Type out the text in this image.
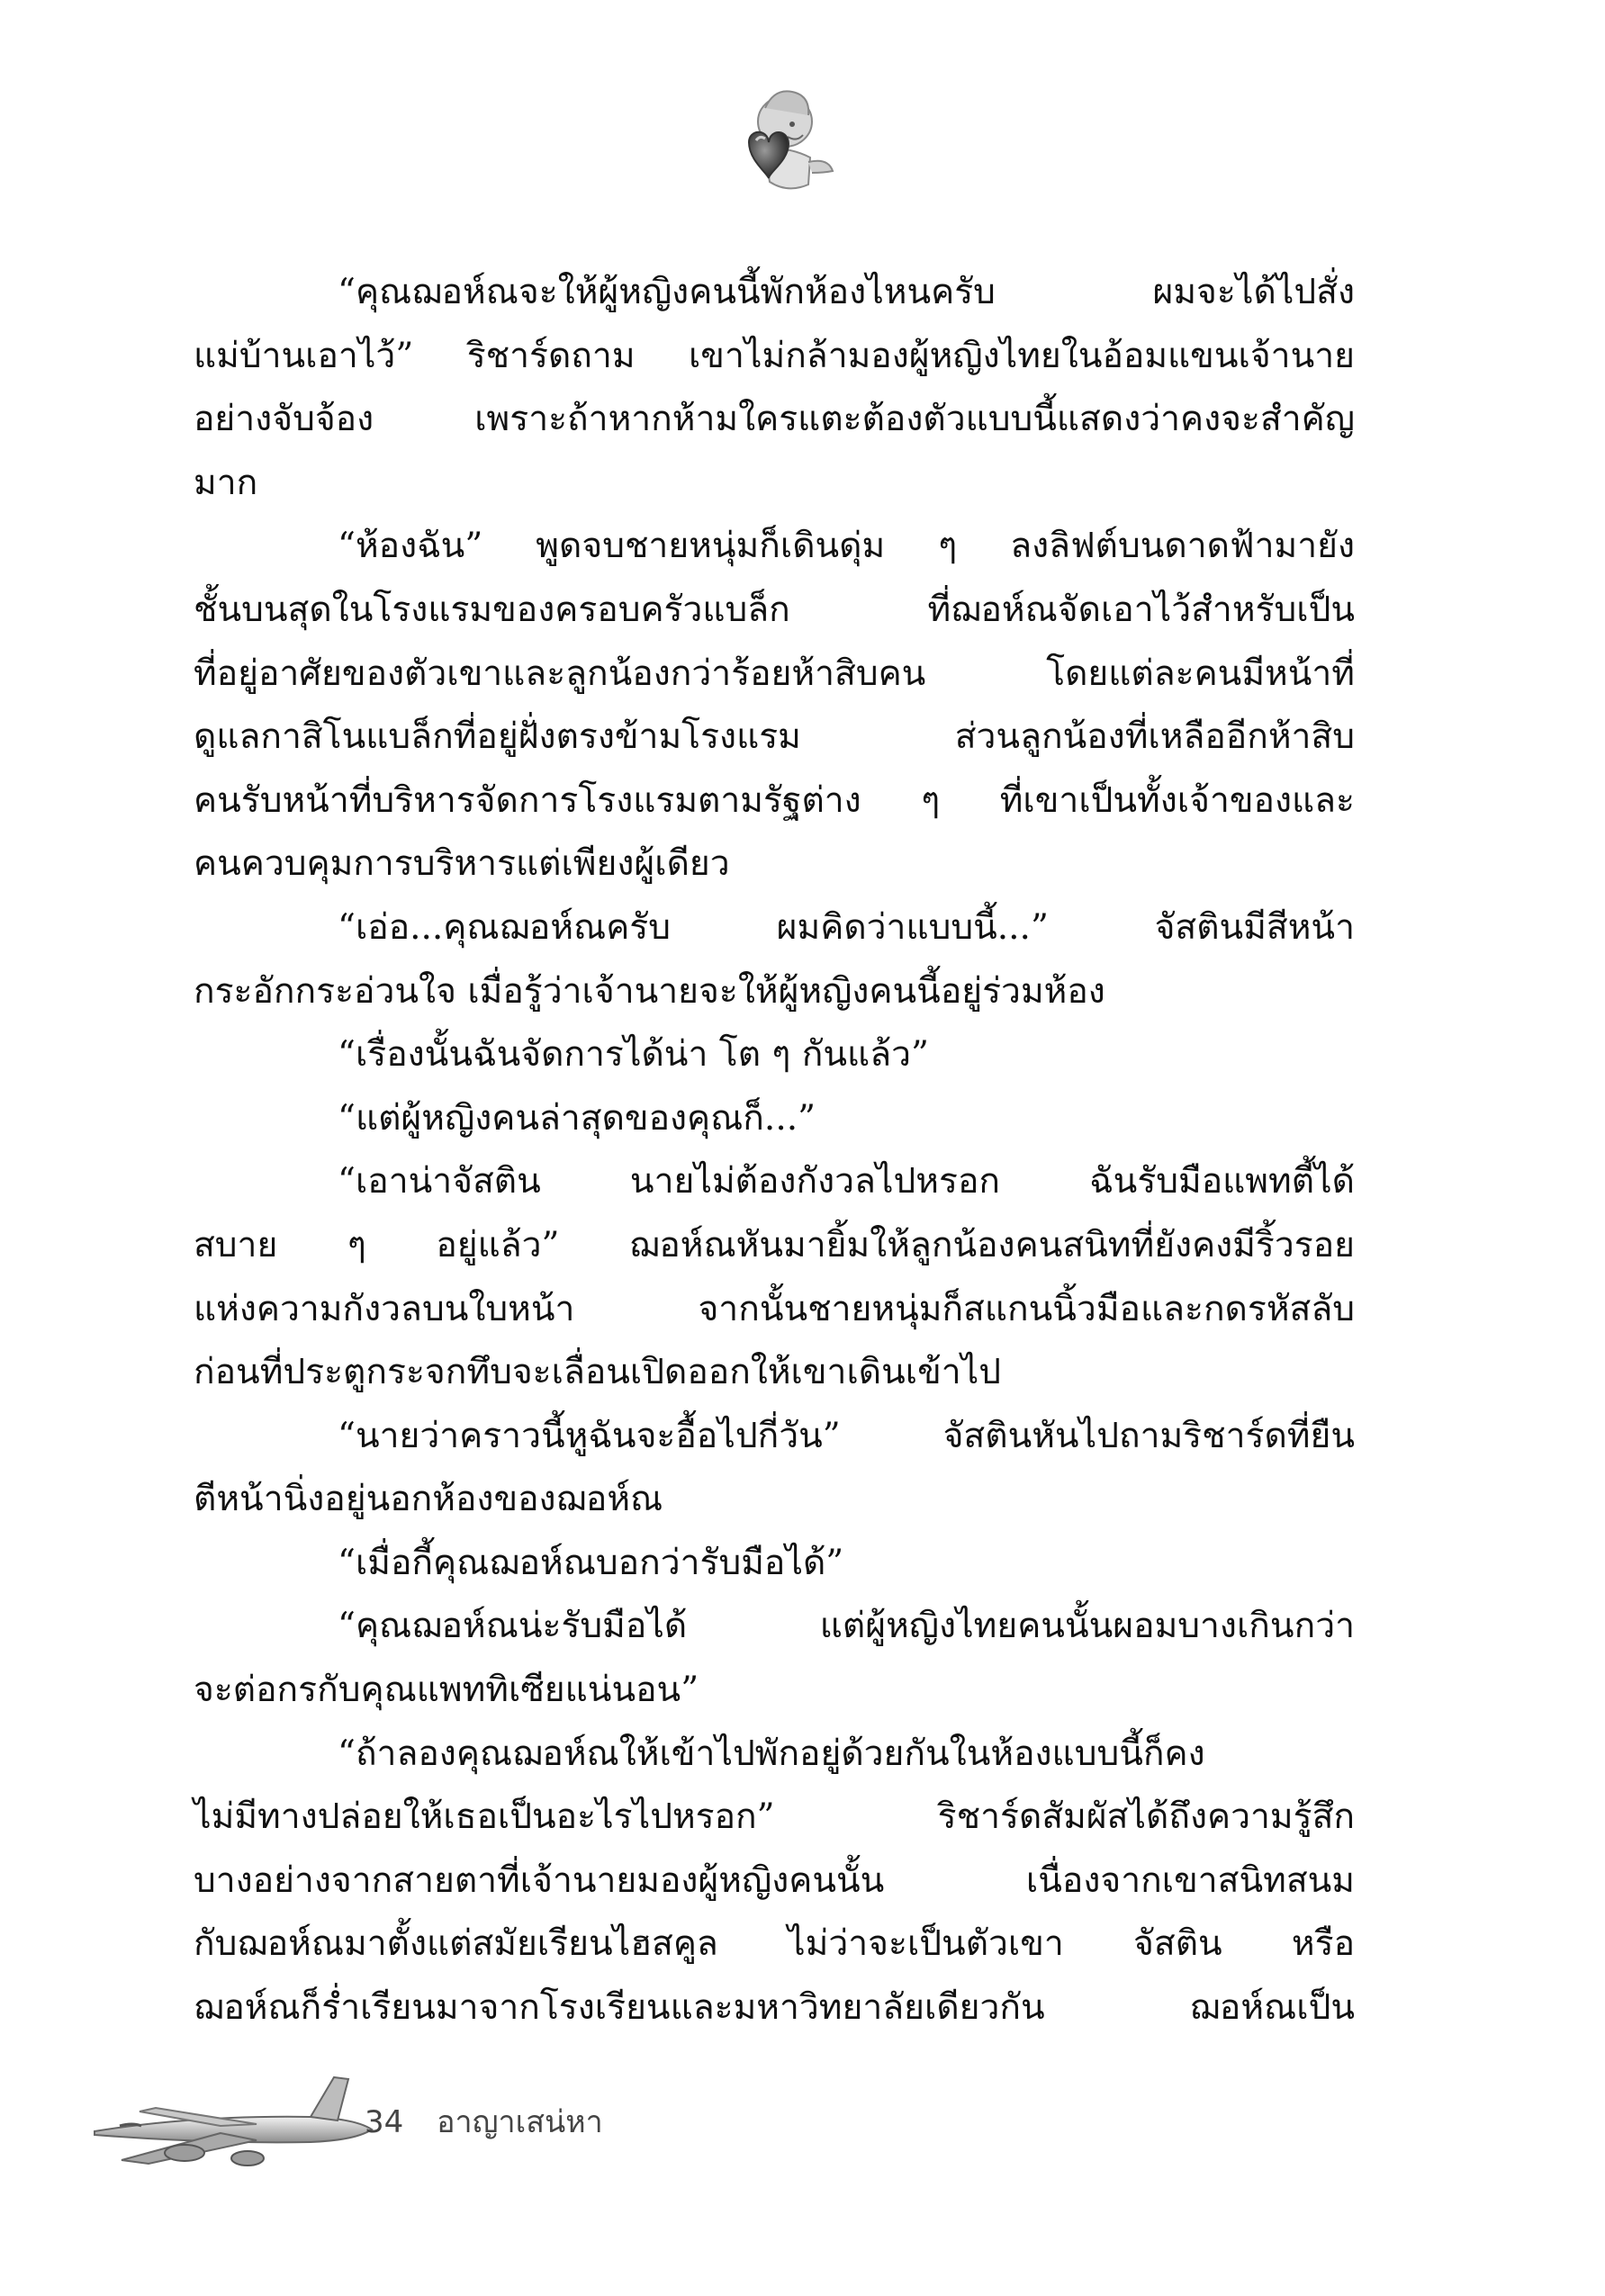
“คุณฌอห์ณจะให้ผู้หญิงคนนี้พักห้องไหนครับ ผมจะได้ไปสั่ง
แม่บ้านเอาไว้” ริชาร์ดถาม เขาไม่กล้ามองผู้หญิงไทยในอ้อมแขนเจ้านาย
อย่างจับจ้อง เพราะถ้าหากห้ามใครแตะต้องตัวแบบนี้แสดงว่าคงจะสำคัญ
มาก
“ห้องฉัน” พูดจบชายหนุ่มก็เดินดุ่ม ๆ ลงลิฟต์บนดาดฟ้ามายัง
ชั้นบนสุดในโรงแรมของครอบครัวแบล็ก ที่ฌอห์ณจัดเอาไว้สำหรับเป็น
ที่อยู่อาศัยของตัวเขาและลูกน้องกว่าร้อยห้าสิบคน โดยแต่ละคนมีหน้าที่
ดูแลกาสิโนแบล็กที่อยู่ฝั่งตรงข้ามโรงแรม ส่วนลูกน้องที่เหลืออีกห้าสิบ
คนรับหน้าที่บริหารจัดการโรงแรมตามรัฐต่าง ๆ ที่เขาเป็นทั้งเจ้าของและ
คนควบคุมการบริหารแต่เพียงผู้เดียว
“เอ่อ...คุณฌอห์ณครับ ผมคิดว่าแบบนี้...” จัสตินมีสีหน้า
กระอักกระอ่วนใจ เมื่อรู้ว่าเจ้านายจะให้ผู้หญิงคนนี้อยู่ร่วมห้อง
“เรื่องนั้นฉันจัดการได้น่า โต ๆ กันแล้ว”
“แต่ผู้หญิงคนล่าสุดของคุณก็...”
“เอาน่าจัสติน นายไม่ต้องกังวลไปหรอก ฉันรับมือแพทตี้ได้
สบาย ๆ อยู่แล้ว” ฌอห์ณหันมายิ้มให้ลูกน้องคนสนิทที่ยังคงมีริ้วรอย
แห่งความกังวลบนใบหน้า จากนั้นชายหนุ่มก็สแกนนิ้วมือและกดรหัสลับ
ก่อนที่ประตูกระจกทึบจะเลื่อนเปิดออกให้เขาเดินเข้าไป
“นายว่าคราวนี้หูฉันจะอื้อไปกี่วัน” จัสตินหันไปถามริชาร์ดที่ยืน
ตีหน้านิ่งอยู่นอกห้องของฌอห์ณ
“เมื่อกี้คุณฌอห์ณบอกว่ารับมือได้”
“คุณฌอห์ณน่ะรับมือได้ แต่ผู้หญิงไทยคนนั้นผอมบางเกินกว่า
จะต่อกรกับคุณแพททิเซียแน่นอน”
“ถ้าลองคุณฌอห์ณให้เข้าไปพักอยู่ด้วยกันในห้องแบบนี้ก็คง
ไม่มีทางปล่อยให้เธอเป็นอะไรไปหรอก” ริชาร์ดสัมผัสได้ถึงความรู้สึก
บางอย่างจากสายตาที่เจ้านายมองผู้หญิงคนนั้น เนื่องจากเขาสนิทสนม
กับฌอห์ณมาตั้งแต่สมัยเรียนไฮสคูล ไม่ว่าจะเป็นตัวเขา จัสติน หรือ
ฌอห์ณก็ร่ำเรียนมาจากโรงเรียนและมหาวิทยาลัยเดียวกัน ฌอห์ณเป็น
34 อาญาเสน่หา
